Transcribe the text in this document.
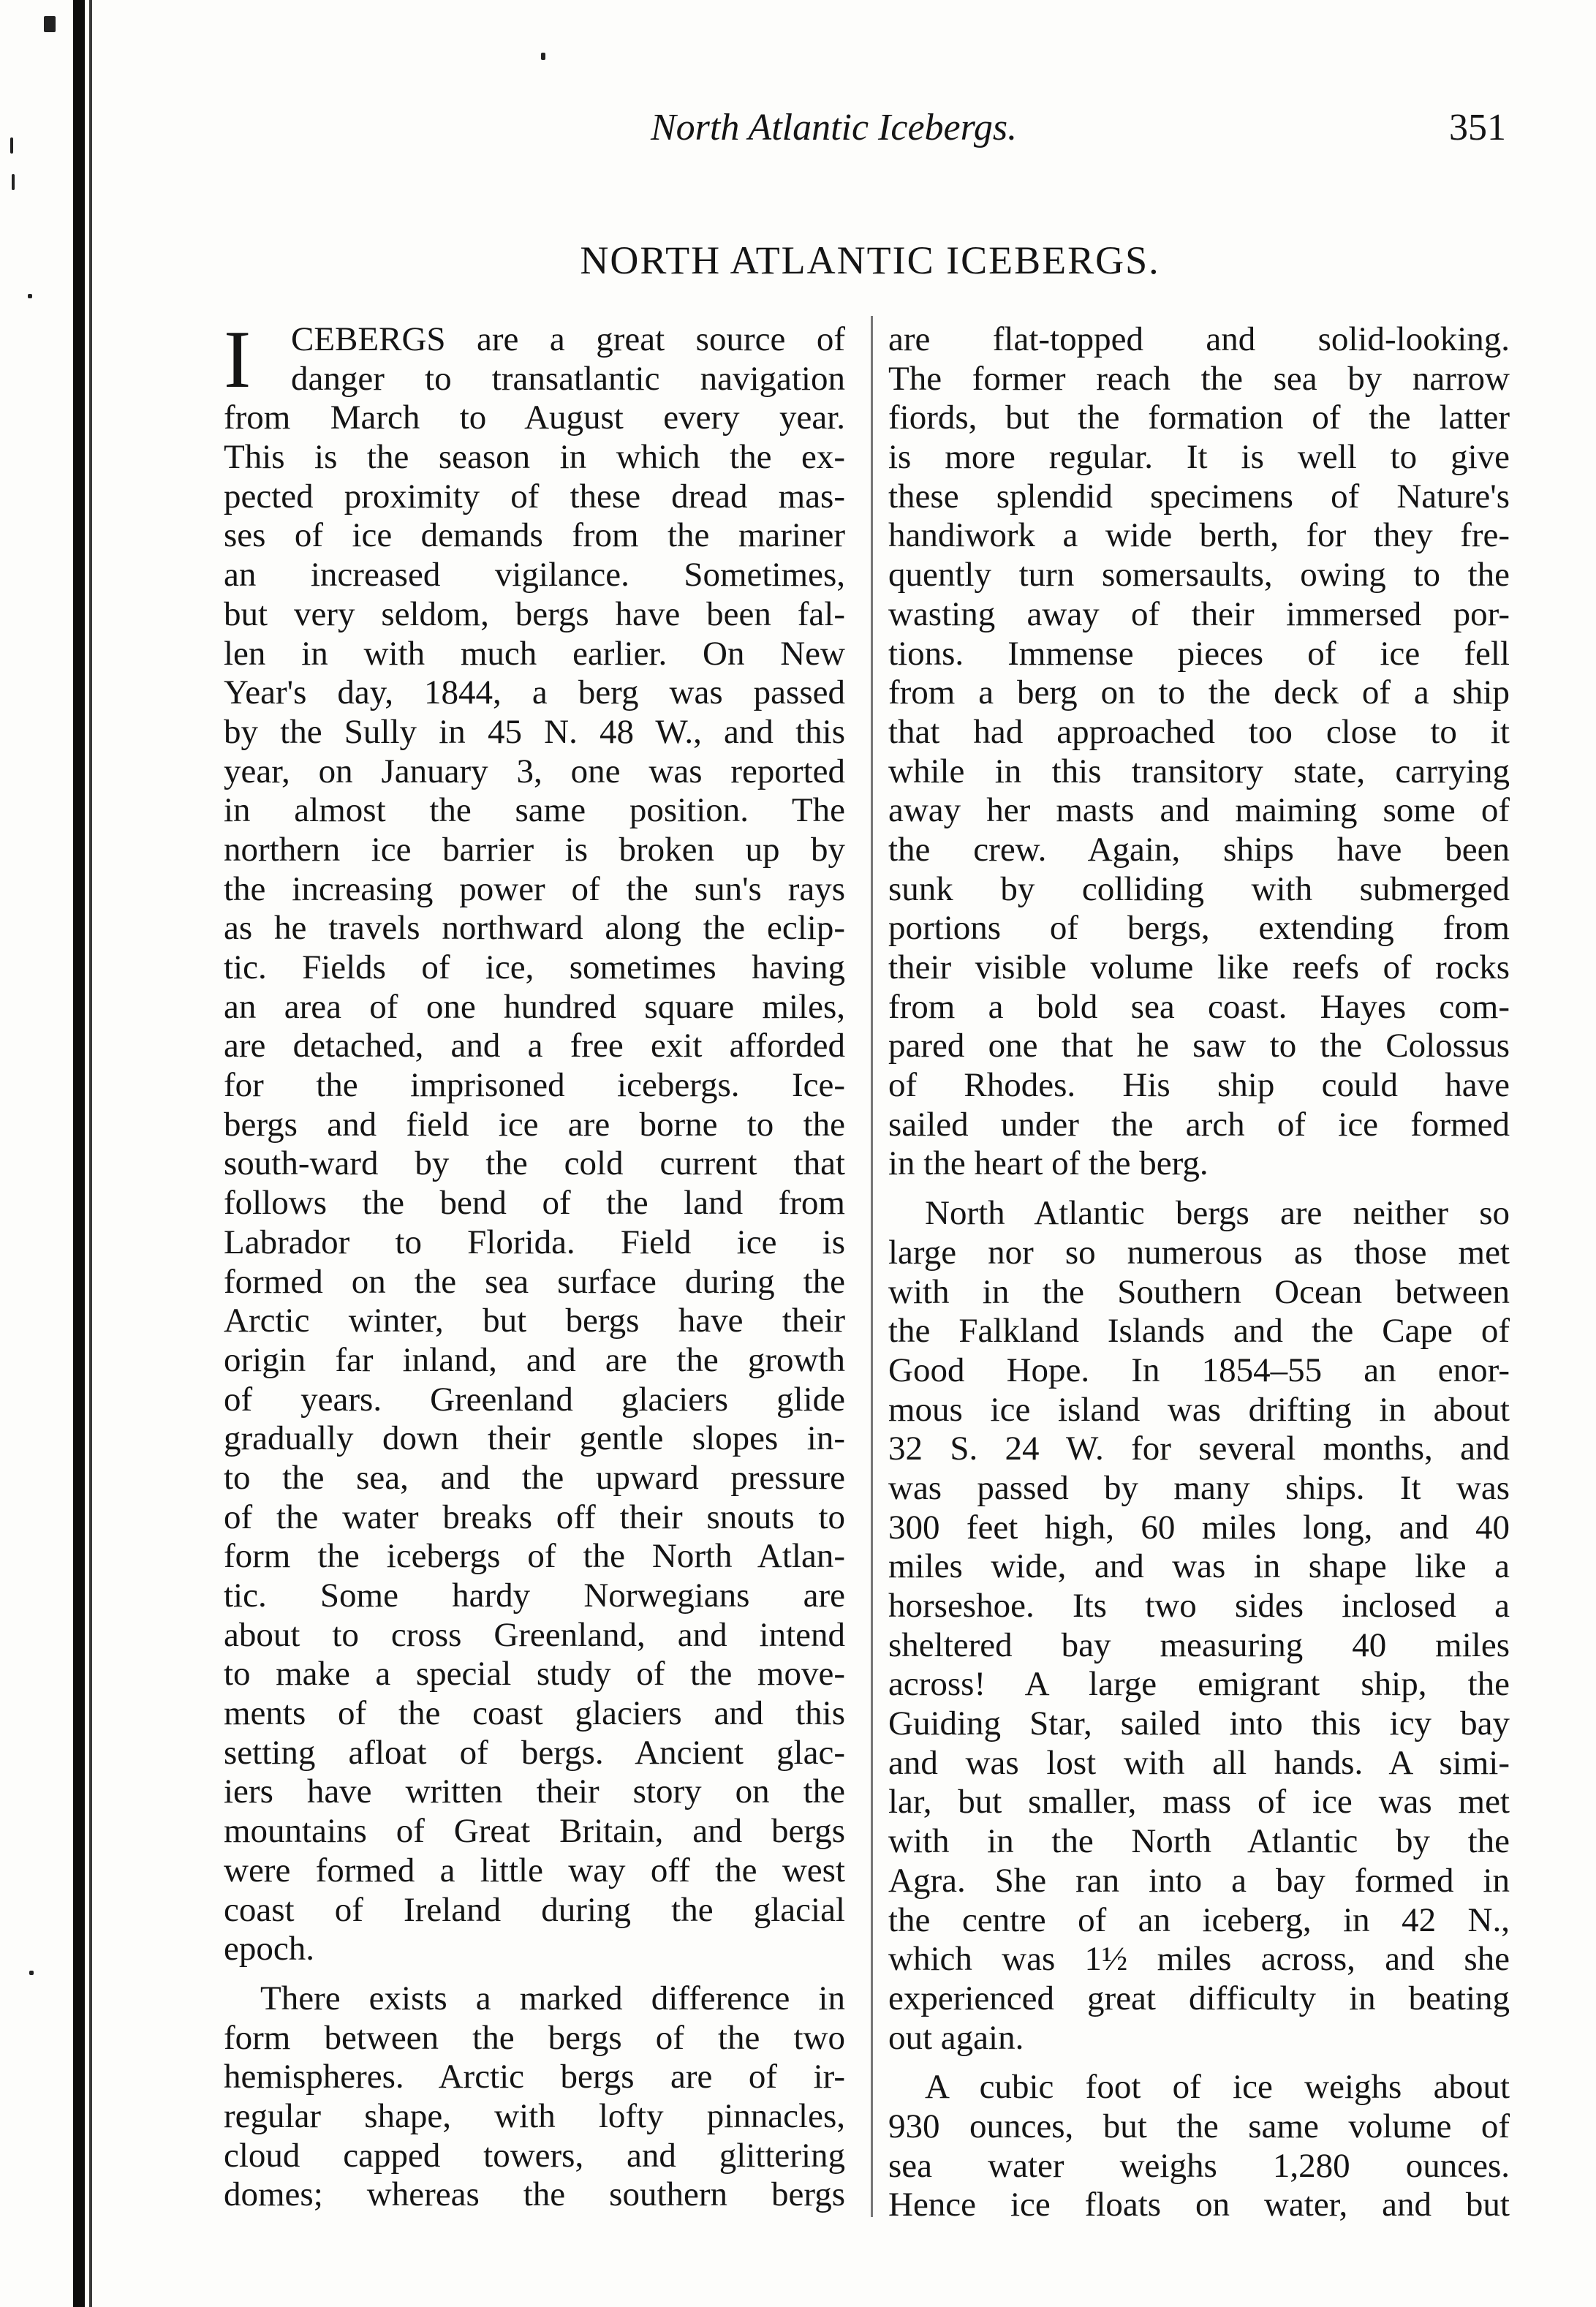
North Atlantic Icebergs.	351
NORTH ATLANTIC ICEBERGS.
I CEBERGS are a great source of
danger to transatlantic navigation
from March to August every year.
This is the season in which the ex-
pected proximity of these dread mas-
ses of ice demands from the mariner
an increased vigilance. Sometimes,
but very seldom, bergs have been fal-
len in with much earlier. On New
Year's day, 1844, a berg was passed
by the Sully in 45 N. 48 W., and this
year, on January 3, one was reported
in almost the same position. The
northern ice barrier is broken up by
the increasing power of the sun's rays
as he travels northward along the eclip-
tic. Fields of ice, sometimes having
an area of one hundred square miles,
are detached, and a free exit afforded
for the imprisoned icebergs. Ice-
bergs and field ice are borne to the
south-ward by the cold current that
follows the bend of the land from
Labrador to Florida. Field ice is
formed on the sea surface during the
Arctic winter, but bergs have their
origin far inland, and are the growth
of years. Greenland glaciers glide
gradually down their gentle slopes in-
to the sea, and the upward pressure
of the water breaks off their snouts to
form the icebergs of the North Atlan-
tic. Some hardy Norwegians are
about to cross Greenland, and intend
to make a special study of the move-
ments of the coast glaciers and this
setting afloat of bergs. Ancient glac-
iers have written their story on the
mountains of Great Britain, and bergs
were formed a little way off the west
coast of Ireland during the glacial
epoch.
There exists a marked difference in
form between the bergs of the two
hemispheres. Arctic bergs are of ir-
regular shape, with lofty pinnacles,
cloud capped towers, and glittering
domes; whereas the southern bergs
are flat-topped and solid-looking.
The former reach the sea by narrow
fiords, but the formation of the latter
is more regular. It is well to give
these splendid specimens of Nature's
handiwork a wide berth, for they fre-
quently turn somersaults, owing to the
wasting away of their immersed por-
tions. Immense pieces of ice fell
from a berg on to the deck of a ship
that had approached too close to it
while in this transitory state, carrying
away her masts and maiming some of
the crew. Again, ships have been
sunk by colliding with submerged
portions of bergs, extending from
their visible volume like reefs of rocks
from a bold sea coast. Hayes com-
pared one that he saw to the Colossus
of Rhodes. His ship could have
sailed under the arch of ice formed
in the heart of the berg.
North Atlantic bergs are neither so
large nor so numerous as those met
with in the Southern Ocean between
the Falkland Islands and the Cape of
Good Hope. In 1854–55 an enor-
mous ice island was drifting in about
32 S. 24 W. for several months, and
was passed by many ships. It was
300 feet high, 60 miles long, and 40
miles wide, and was in shape like a
horseshoe. Its two sides inclosed a
sheltered bay measuring 40 miles
across! A large emigrant ship, the
Guiding Star, sailed into this icy bay
and was lost with all hands. A simi-
lar, but smaller, mass of ice was met
with in the North Atlantic by the
Agra. She ran into a bay formed in
the centre of an iceberg, in 42 N.,
which was 1½ miles across, and she
experienced great difficulty in beating
out again.
A cubic foot of ice weighs about
930 ounces, but the same volume of
sea water weighs 1,280 ounces.
Hence ice floats on water, and but
